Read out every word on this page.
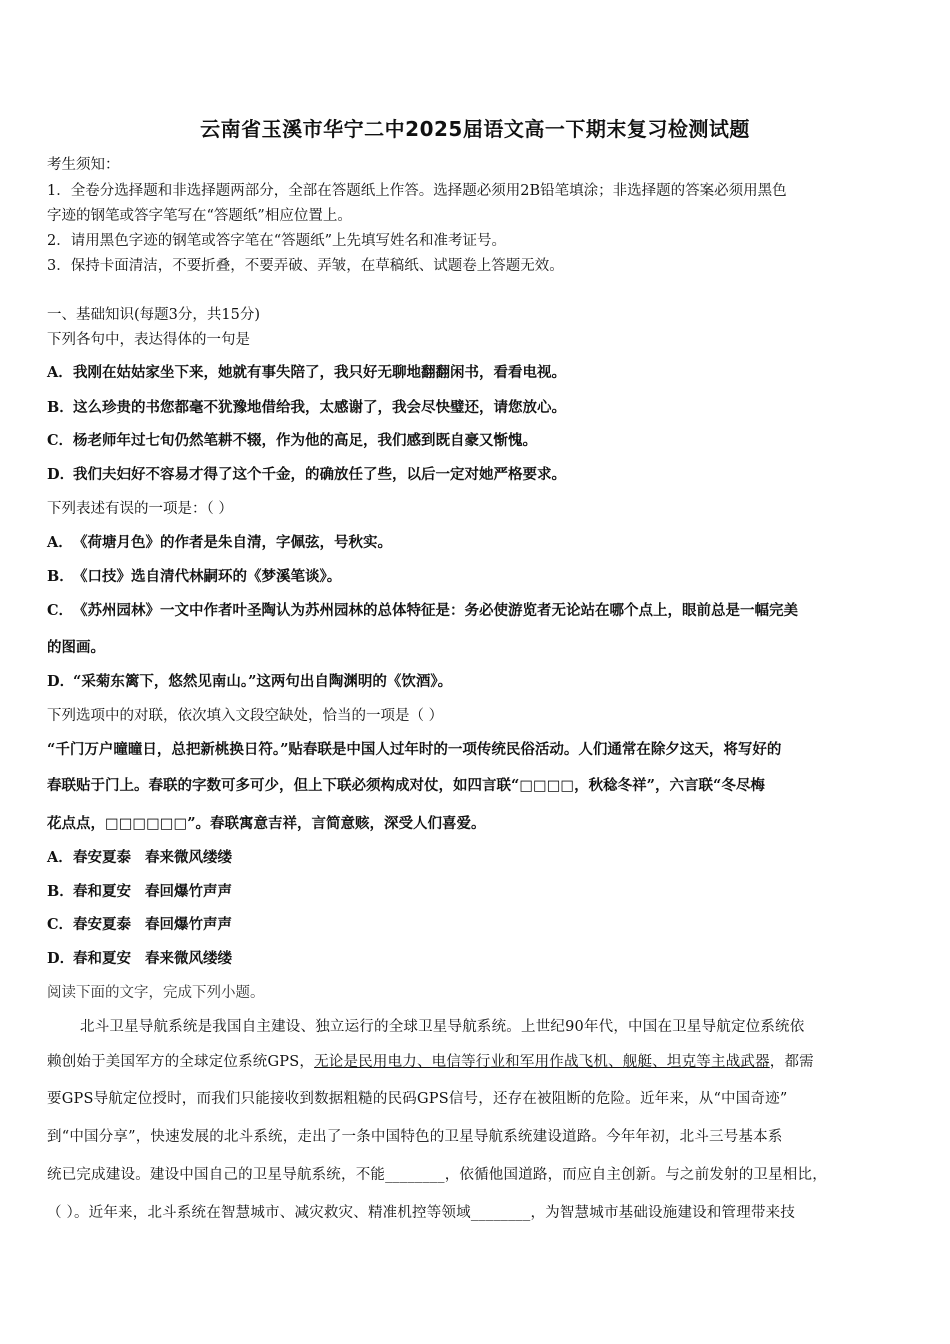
云南省玉溪市华宁二中2025届语文高一下期末复习检测试题
考生须知：
1．全卷分选择题和非选择题两部分，全部在答题纸上作答。选择题必须用2B铅笔填涂；非选择题的答案必须用黑色
字迹的钢笔或答字笔写在“答题纸”相应位置上。
2．请用黑色字迹的钢笔或答字笔在“答题纸”上先填写姓名和准考证号。
3．保持卡面清洁，不要折叠，不要弄破、弄皱，在草稿纸、试题卷上答题无效。
一、基础知识(每题3分，共15分)
下列各句中，表达得体的一句是
A．我刚在姑姑家坐下来，她就有事失陪了，我只好无聊地翻翻闲书，看看电视。
B．这么珍贵的书您都毫不犹豫地借给我，太感谢了，我会尽快璧还，请您放心。
C．杨老师年过七旬仍然笔耕不辍，作为他的高足，我们感到既自豪又惭愧。
D．我们夫妇好不容易才得了这个千金，的确放任了些，以后一定对她严格要求。
下列表述有误的一项是：（ ）
A．《荷塘月色》的作者是朱自清，字佩弦，号秋实。
B．《口技》选自清代林嗣环的《梦溪笔谈》。
C．《苏州园林》一文中作者叶圣陶认为苏州园林的总体特征是：务必使游览者无论站在哪个点上，眼前总是一幅完美
的图画。
D．“采菊东篱下，悠然见南山。”这两句出自陶渊明的《饮酒》。
下列选项中的对联，依次填入文段空缺处，恰当的一项是（ ）
“千门万户曈曈日，总把新桃换日符。”贴春联是中国人过年时的一项传统民俗活动。人们通常在除夕这天，将写好的
春联贴于门上。春联的字数可多可少，但上下联必须构成对仗，如四言联“□□□□，秋稔冬祥”，六言联“冬尽梅
花点点，□□□□□□”。春联寓意吉祥，言简意赅，深受人们喜爱。
A．春安夏泰 春来微风缕缕
B．春和夏安 春回爆竹声声
C．春安夏泰 春回爆竹声声
D．春和夏安 春来微风缕缕
阅读下面的文字，完成下列小题。
北斗卫星导航系统是我国自主建设、独立运行的全球卫星导航系统。上世纪90年代，中国在卫星导航定位系统依
赖创始于美国军方的全球定位系统GPS，无论是民用电力、电信等行业和军用作战飞机、舰艇、坦克等主战武器，都需
要GPS导航定位授时，而我们只能接收到数据粗糙的民码GPS信号，还存在被阻断的危险。近年来，从“中国奇迹”
到“中国分享”，快速发展的北斗系统，走出了一条中国特色的卫星导航系统建设道路。今年年初，北斗三号基本系
统已完成建设。建设中国自己的卫星导航系统，不能________，依循他国道路，而应自主创新。与之前发射的卫星相比，
（ ）。近年来，北斗系统在智慧城市、减灾救灾、精准机控等领域________，为智慧城市基础设施建设和管理带来技
